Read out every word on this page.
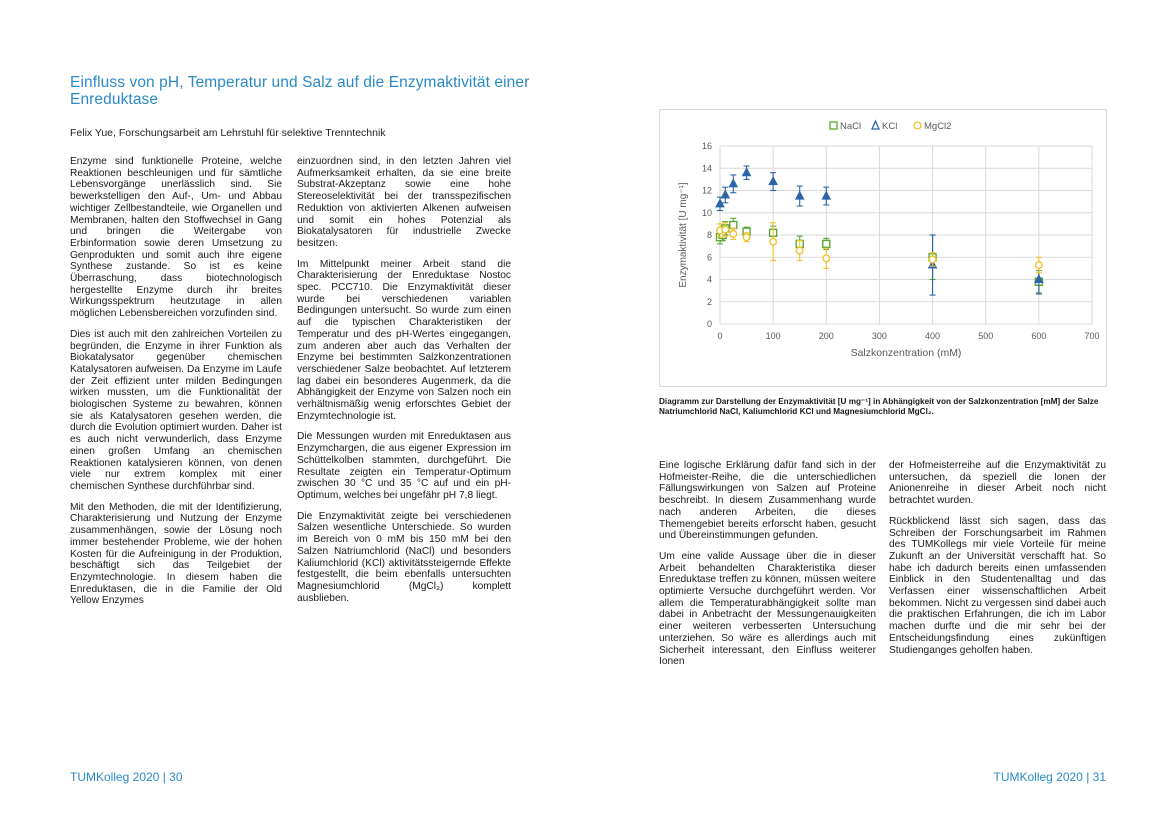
Einfluss von pH, Temperatur und Salz auf die Enzymaktivität einer Enreduktase
Felix Yue, Forschungsarbeit am Lehrstuhl für selektive Trenntechnik

Enzyme sind funktionelle Proteine, welche Reaktionen beschleunigen und für sämtliche Lebensvorgänge unerlässlich sind. Sie bewerkstelligen den Auf-, Um- und Abbau wichtiger Zellbestandteile, wie Organellen und Membranen, halten den Stoffwechsel in Gang und bringen die Weitergabe von Erbinformation sowie deren Umsetzung zu Genprodukten und somit auch ihre eigene Synthese zustande. So ist es keine Überraschung, dass biotechnologisch hergestellte Enzyme durch ihr breites Wirkungsspektrum heutzutage in allen möglichen Lebensbereichen vorzufinden sind.

Dies ist auch mit den zahlreichen Vorteilen zu begründen, die Enzyme in ihrer Funktion als Biokatalysator gegenüber chemischen Katalysatoren aufweisen. Da Enzyme im Laufe der Zeit effizient unter milden Bedingungen wirken mussten, um die Funktionalität der biologischen Systeme zu bewahren, können sie als Katalysatoren gesehen werden, die durch die Evolution optimiert wurden. Daher ist es auch nicht verwunderlich, dass Enzyme einen großen Umfang an chemischen Reaktionen katalysieren können, von denen viele nur extrem komplex mit einer chemischen Synthese durchführbar sind.

Mit den Methoden, die mit der Identifizierung, Charakterisierung und Nutzung der Enzyme zusammenhängen, sowie der Lösung noch immer bestehender Probleme, wie der hohen Kosten für die Aufreinigung in der Produktion, beschäftigt sich das Teilgebiet der Enzymtechnologie. In diesem haben die Enreduktasen, die in die Familie der Old Yellow Enzymes

einzuordnen sind, in den letzten Jahren viel Aufmerksamkeit erhalten, da sie eine breite Substrat-Akzeptanz sowie eine hohe Stereoselektivität bei der transspezifischen Reduktion von aktivierten Alkenen aufweisen und somit ein hohes Potenzial als Biokatalysatoren für industrielle Zwecke besitzen.

Im Mittelpunkt meiner Arbeit stand die Charakterisierung der Enreduktase Nostoc spec. PCC710. Die Enzymaktivität dieser wurde bei verschiedenen variablen Bedingungen untersucht. So wurde zum einen auf die typischen Charakteristiken der Temperatur und des pH-Wertes eingegangen, zum anderen aber auch das Verhalten der Enzyme bei bestimmten Salzkonzentrationen verschiedener Salze beobachtet. Auf letzterem lag dabei ein besonderes Augenmerk, da die Abhängigkeit der Enzyme von Salzen noch ein verhältnismäßig wenig erforschtes Gebiet der Enzymtechnologie ist.

Die Messungen wurden mit Enreduktasen aus Enzymchargen, die aus eigener Expression im Schüttelkolben stammten, durchgeführt. Die Resultate zeigten ein Temperatur-Optimum zwischen 30 °C und 35 °C auf und ein pH-Optimum, welches bei ungefähr pH 7,8 liegt.

Die Enzymaktivität zeigte bei verschiedenen Salzen wesentliche Unterschiede. So wurden im Bereich von 0 mM bis 150 mM bei den Salzen Natriumchlorid (NaCl) und besonders Kaliumchlorid (KCl) aktivitätssteigernde Effekte festgestellt, die beim ebenfalls untersuchten Magnesiumchlorid (MgCl₂) komplett ausblieben.

0
2
4
6
8
10
12
14
16
0	100	200	300	400	500	600	700
Salzkonzentration (mM)
Enzymaktivität [U mg⁻¹]
NaCl KCl	MgCl2
Diagramm zur Darstellung der Enzymaktivität [U mg⁻¹] in Abhängigkeit von der Salzkonzentration [mM] der Salze Natriumchlorid NaCl, Kaliumchlorid KCl und Magnesiumchlorid MgCl₂.

Eine logische Erklärung dafür fand sich in der Hofmeister-Reihe, die die unterschiedlichen Fällungswirkungen von Salzen auf Proteine beschreibt. In diesem Zusammenhang wurde nach anderen Arbeiten, die dieses Themengebiet bereits erforscht haben, gesucht und Übereinstimmungen gefunden.

Um eine valide Aussage über die in dieser Arbeit behandelten Charakteristika dieser Enreduktase treffen zu können, müssen weitere optimierte Versuche durchgeführt werden. Vor allem die Temperaturabhängigkeit sollte man dabei in Anbetracht der Messungenauigkeiten einer weiteren verbesserten Untersuchung unterziehen. So wäre es allerdings auch mit Sicherheit interessant, den Einfluss weiterer Ionen

der Hofmeisterreihe auf die Enzymaktivität zu untersuchen, da speziell die Ionen der Anionenreihe in dieser Arbeit noch nicht betrachtet wurden.

Rückblickend lässt sich sagen, dass das Schreiben der Forschungsarbeit im Rahmen des TUMKollegs mir viele Vorteile für meine Zukunft an der Universität verschafft hat. So habe ich dadurch bereits einen umfassenden Einblick in den Studentenalltag und das Verfassen einer wissenschaftlichen Arbeit bekommen. Nicht zu vergessen sind dabei auch die praktischen Erfahrungen, die ich im Labor machen durfte und die mir sehr bei der Entscheidungsfindung eines zukünftigen Studienganges geholfen haben.

TUMKolleg 2020 | 30	TUMKolleg 2020 | 31
